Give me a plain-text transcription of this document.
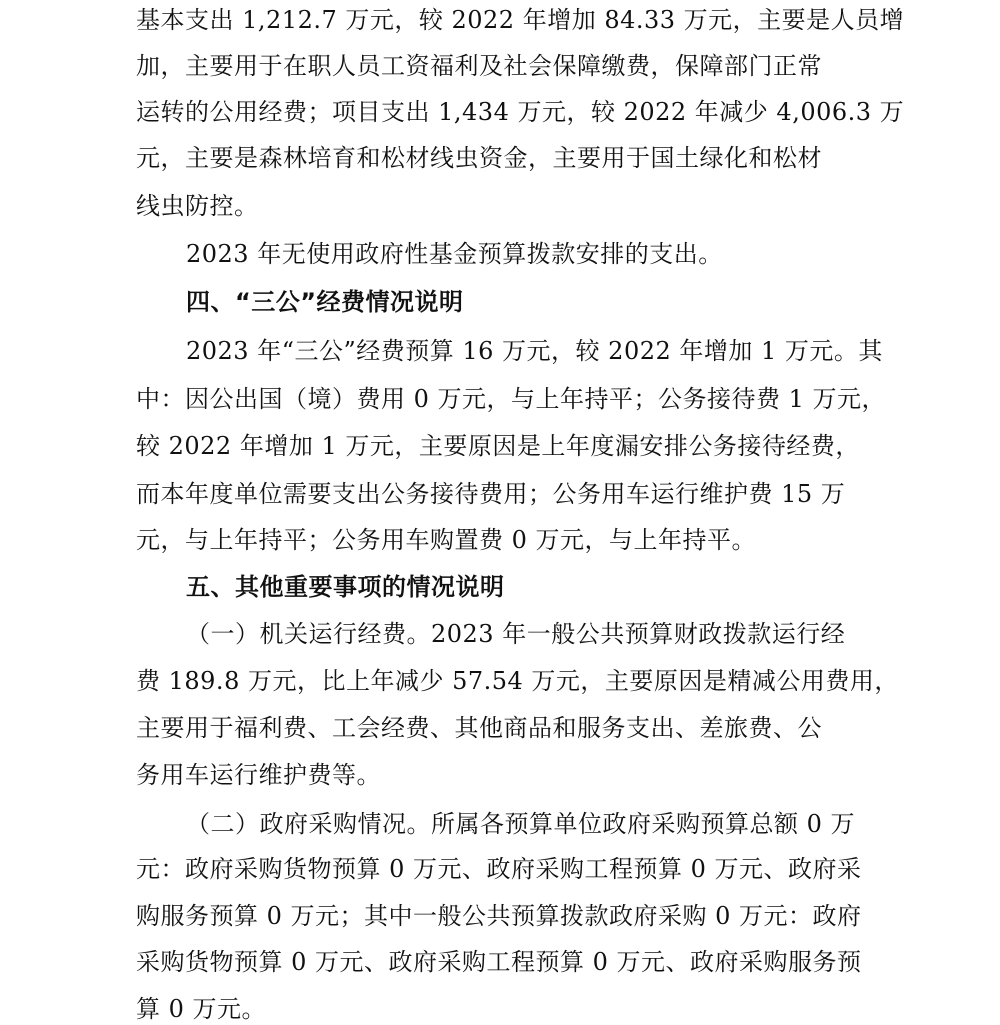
基本支出 1,212.7 万元，较 2022 年增加 84.33 万元，主要是人员增
加，主要用于在职人员工资福利及社会保障缴费，保障部门正常
运转的公用经费；项目支出 1,434 万元，较 2022 年减少 4,006.3 万
元，主要是森林培育和松材线虫资金，主要用于国土绿化和松材
线虫防控。
2023 年无使用政府性基金预算拨款安排的支出。
四、“三公”经费情况说明
2023 年“三公”经费预算 16 万元，较 2022 年增加 1 万元。其
中：因公出国（境）费用 0 万元，与上年持平；公务接待费 1 万元，
较 2022 年增加 1 万元，主要原因是上年度漏安排公务接待经费，
而本年度单位需要支出公务接待费用；公务用车运行维护费 15 万
元，与上年持平；公务用车购置费 0 万元，与上年持平。
五、其他重要事项的情况说明
（一）机关运行经费。2023 年一般公共预算财政拨款运行经
费 189.8 万元，比上年减少 57.54 万元，主要原因是精减公用费用，
主要用于福利费、工会经费、其他商品和服务支出、差旅费、公
务用车运行维护费等。
（二）政府采购情况。所属各预算单位政府采购预算总额 0 万
元：政府采购货物预算 0 万元、政府采购工程预算 0 万元、政府采
购服务预算 0 万元；其中一般公共预算拨款政府采购 0 万元：政府
采购货物预算 0 万元、政府采购工程预算 0 万元、政府采购服务预
算 0 万元。
